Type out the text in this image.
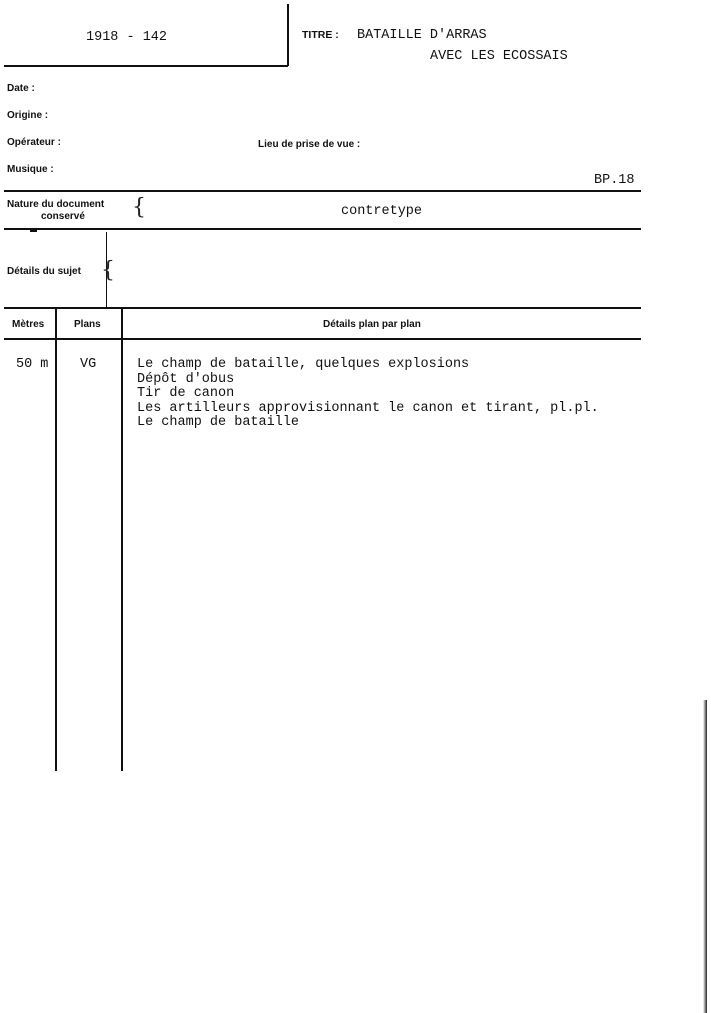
1918 - 142	TITRE : BATAILLE D'ARRAS
AVEC LES ECOSSAIS
Date :
Origine :
Opérateur :	Lieu de prise de vue :
Musique :
BP.18
Nature du document
conservé {	contretype
{
Détails du sujet
Mètres	Plans	Détails plan par plan
50 m VG	Le champ de bataille, quelques explosions
Dépôt d'obus
Tir de canon
Les artilleurs approvisionnant le canon et tirant, pl.pl.
Le champ de bataille
